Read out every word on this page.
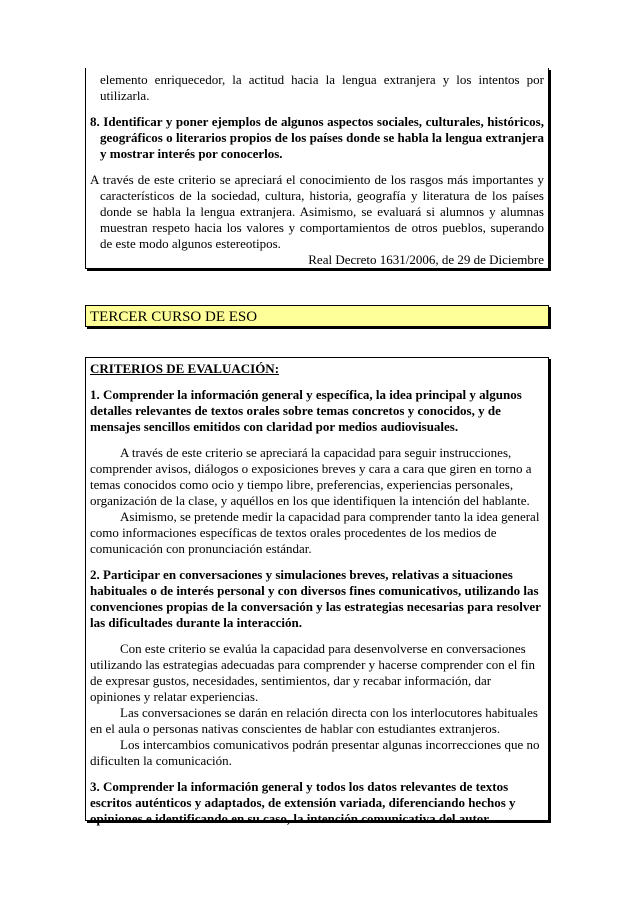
elemento enriquecedor, la actitud hacia la lengua extranjera y los intentos por utilizarla.

8. Identificar y poner ejemplos de algunos aspectos sociales, culturales, históricos, geográficos o literarios propios de los países donde se habla la lengua extranjera y mostrar interés por conocerlos.

A través de este criterio se apreciará el conocimiento de los rasgos más importantes y característicos de la sociedad, cultura, historia, geografía y literatura de los países donde se habla la lengua extranjera. Asimismo, se evaluará si alumnos y alumnas muestran respeto hacia los valores y comportamientos de otros pueblos, superando de este modo algunos estereotipos.

Real Decreto 1631/2006, de 29 de Diciembre

TERCER CURSO DE ESO

CRITERIOS DE EVALUACIÓN:

1. Comprender la información general y específica, la idea principal y algunos detalles relevantes de textos orales sobre temas concretos y conocidos, y de mensajes sencillos emitidos con claridad por medios audiovisuales.

A través de este criterio se apreciará la capacidad para seguir instrucciones, comprender avisos, diálogos o exposiciones breves y cara a cara que giren en torno a temas conocidos como ocio y tiempo libre, preferencias, experiencias personales, organización de la clase, y aquéllos en los que identifiquen la intención del hablante.

Asimismo, se pretende medir la capacidad para comprender tanto la idea general como informaciones específicas de textos orales procedentes de los medios de comunicación con pronunciación estándar.

2. Participar en conversaciones y simulaciones breves, relativas a situaciones habituales o de interés personal y con diversos fines comunicativos, utilizando las convenciones propias de la conversación y las estrategias necesarias para resolver las dificultades durante la interacción.

Con este criterio se evalúa la capacidad para desenvolverse en conversaciones utilizando las estrategias adecuadas para comprender y hacerse comprender con el fin de expresar gustos, necesidades, sentimientos, dar y recabar información, dar opiniones y relatar experiencias.

Las conversaciones se darán en relación directa con los interlocutores habituales en el aula o personas nativas conscientes de hablar con estudiantes extranjeros.

Los intercambios comunicativos podrán presentar algunas incorrecciones que no dificulten la comunicación.

3. Comprender la información general y todos los datos relevantes de textos escritos auténticos y adaptados, de extensión variada, diferenciando hechos y opiniones e identificando en su caso, la intención comunicativa del autor.
